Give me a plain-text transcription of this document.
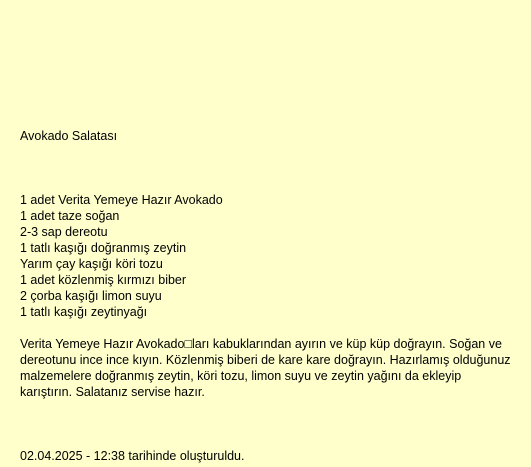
Avokado Salatası
1 adet Verita Yemeye Hazır Avokado
1 adet taze soğan
2-3 sap dereotu
1 tatlı kaşığı doğranmış zeytin
Yarım çay kaşığı köri tozu
1 adet közlenmiş kırmızı biber
2 çorba kaşığı limon suyu
1 tatlı kaşığı zeytinyağı

Verita Yemeye Hazır Avokado□ları kabuklarından ayırın ve küp küp doğrayın. Soğan ve dereotunu ince ince kıyın. Közlenmiş biberi de kare kare doğrayın. Hazırlamış olduğunuz malzemelere doğranmış zeytin, köri tozu, limon suyu ve zeytin yağını da ekleyip karıştırın. Salatanız servise hazır.

02.04.2025 - 12:38 tarihinde oluşturuldu.
